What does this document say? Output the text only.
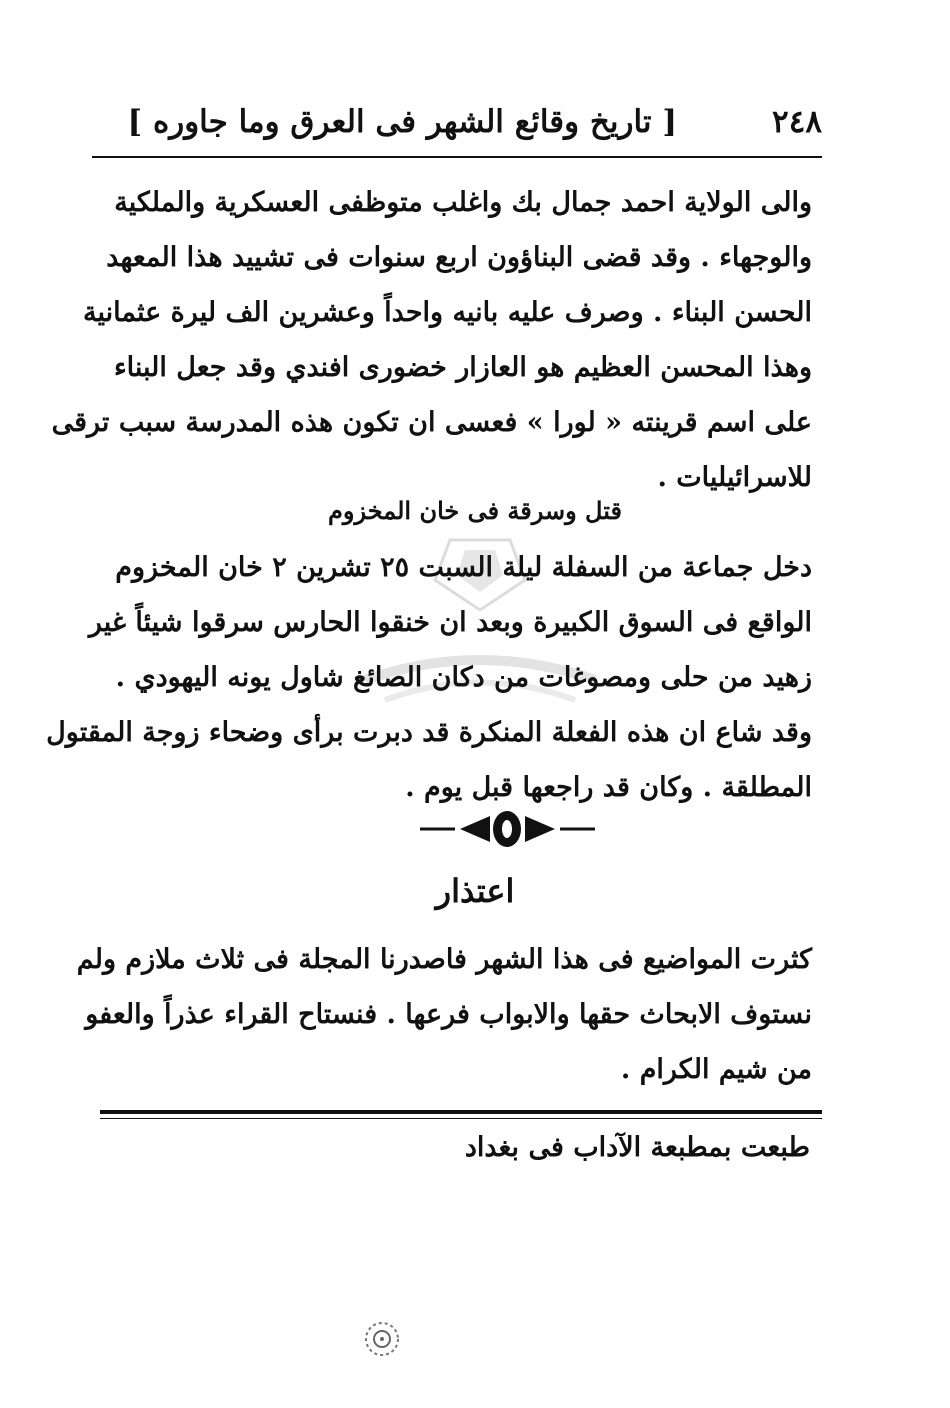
٢٤٨
[ تاريخ وقائع الشهر فى العرق وما جاوره ]

والى الولاية احمد جمال بك واغلب متوظفى العسكرية والملكية
والوجهاء . وقد قضى البناؤون اربع سنوات فى تشييد هذا المعهد
الحسن البناء . وصرف عليه بانيه واحداً وعشرين الف ليرة عثمانية
وهذا المحسن العظيم هو العازار خضورى افندي وقد جعل البناء
على اسم قرينته « لورا » فعسى ان تكون هذه المدرسة سبب ترقى
للاسرائيليات .

قتل وسرقة فى خان المخزوم

دخل جماعة من السفلة ليلة السبت ٢٥ تشرين ٢ خان المخزوم
الواقع فى السوق الكبيرة وبعد ان خنقوا الحارس سرقوا شيئاً غير
زهيد من حلى ومصوغات من دكان الصائغ شاول يونه اليهودي .
وقد شاع ان هذه الفعلة المنكرة قد دبرت برأى وضحاء زوجة المقتول
المطلقة . وكان قد راجعها قبل يوم .

اعتذار

كثرت المواضيع فى هذا الشهر فاصدرنا المجلة فى ثلاث ملازم ولم
نستوف الابحاث حقها والابواب فرعها . فنستاح القراء عذراً والعفو
من شيم الكرام .

طبعت بمطبعة الآداب فى بغداد
